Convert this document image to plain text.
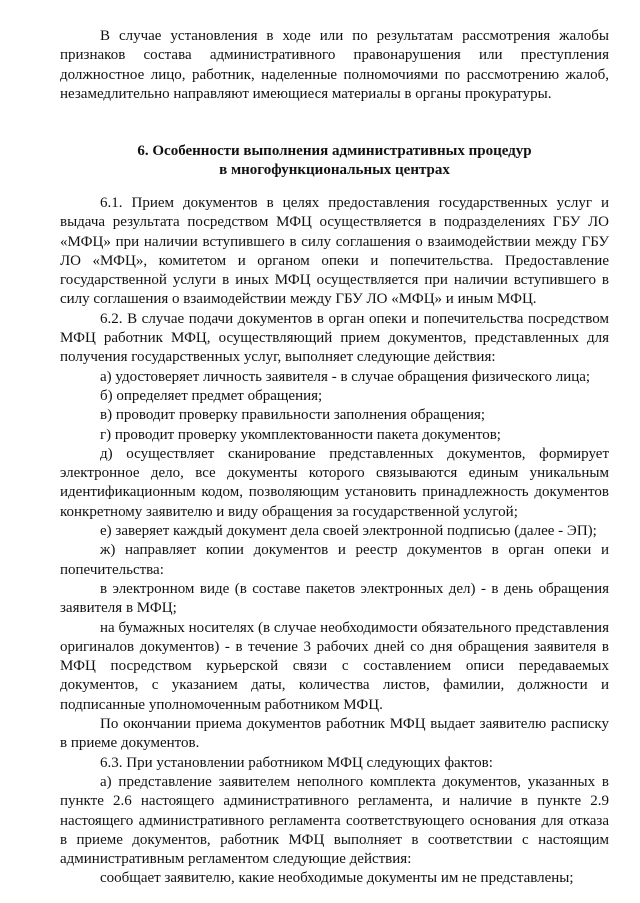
В случае установления в ходе или по результатам рассмотрения жалобы признаков состава административного правонарушения или преступления должностное лицо, работник, наделенные полномочиями по рассмотрению жалоб, незамедлительно направляют имеющиеся материалы в органы прокуратуры.

6. Особенности выполнения административных процедур
в многофункциональных центрах

6.1. Прием документов в целях предоставления государственных услуг и выдача результата посредством МФЦ осуществляется в подразделениях ГБУ ЛО «МФЦ» при наличии вступившего в силу соглашения о взаимодействии между ГБУ ЛО «МФЦ», комитетом и органом опеки и попечительства. Предоставление государственной услуги в иных МФЦ осуществляется при наличии вступившего в силу соглашения о взаимодействии между ГБУ ЛО «МФЦ» и иным МФЦ.

6.2. В случае подачи документов в орган опеки и попечительства посредством МФЦ работник МФЦ, осуществляющий прием документов, представленных для получения государственных услуг, выполняет следующие действия:

а) удостоверяет личность заявителя - в случае обращения физического лица;

б) определяет предмет обращения;

в) проводит проверку правильности заполнения обращения;

г) проводит проверку укомплектованности пакета документов;

д) осуществляет сканирование представленных документов, формирует электронное дело, все документы которого связываются единым уникальным идентификационным кодом, позволяющим установить принадлежность документов конкретному заявителю и виду обращения за государственной услугой;

е) заверяет каждый документ дела своей электронной подписью (далее - ЭП);

ж) направляет копии документов и реестр документов в орган опеки и попечительства:

в электронном виде (в составе пакетов электронных дел) - в день обращения заявителя в МФЦ;

на бумажных носителях (в случае необходимости обязательного представления оригиналов документов) - в течение 3 рабочих дней со дня обращения заявителя в МФЦ посредством курьерской связи с составлением описи передаваемых документов, с указанием даты, количества листов, фамилии, должности и подписанные уполномоченным работником МФЦ.

По окончании приема документов работник МФЦ выдает заявителю расписку в приеме документов.

6.3. При установлении работником МФЦ следующих фактов:

а) представление заявителем неполного комплекта документов, указанных в пункте 2.6 настоящего административного регламента, и наличие в пункте 2.9 настоящего административного регламента соответствующего основания для отказа в приеме документов, работник МФЦ выполняет в соответствии с настоящим административным регламентом следующие действия:

сообщает заявителю, какие необходимые документы им не представлены;
